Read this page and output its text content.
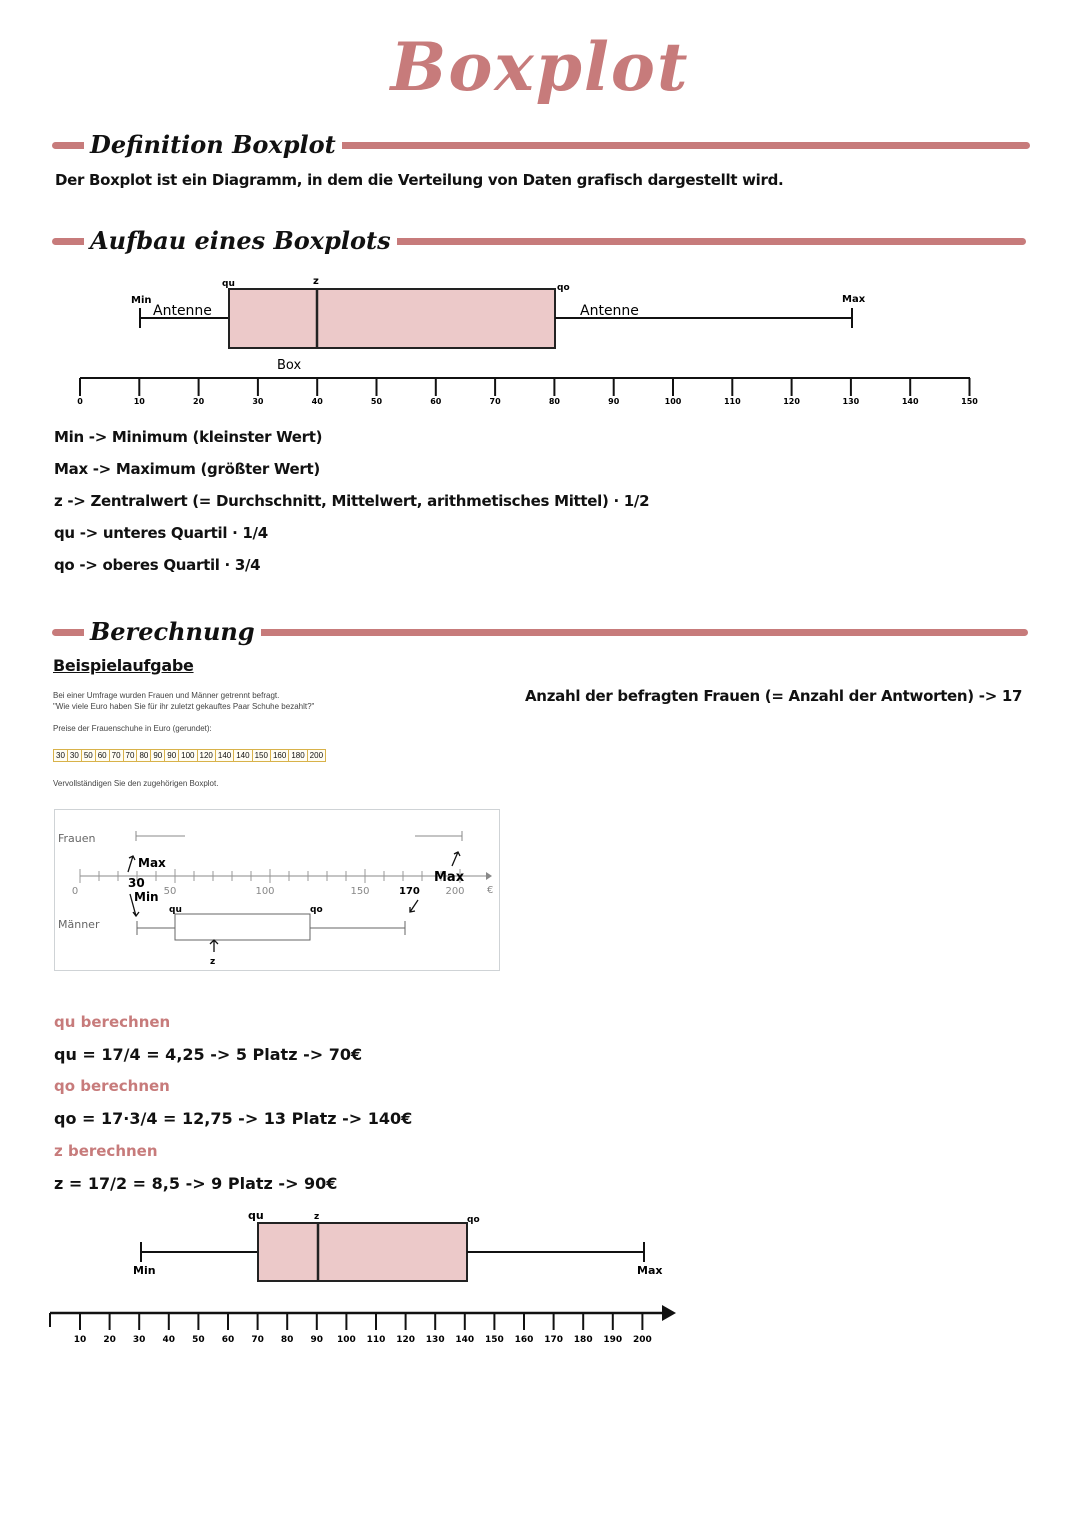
Boxplot
Definition Boxplot
Der Boxplot ist ein Diagramm, in dem die Verteilung von Daten grafisch dargestellt wird.
Aufbau eines Boxplots
Min
Antenne
qu	z
qo
Antenne
Max
Box
0	10	20	30	40	50	60	70	80	90	100	110	120	130	140	150
Min -> Minimum (kleinster Wert)
Max -> Maximum (größter Wert)
z -> Zentralwert (= Durchschnitt, Mittelwert, arithmetisches Mittel) · 1/2
qu -> unteres Quartil · 1/4
qo -> oberes Quartil · 3/4
Berechnung
Beispielaufgabe
Bei einer Umfrage wurden Frauen und Männer getrennt befragt.
"Wie viele Euro haben Sie für ihr zuletzt gekauftes Paar Schuhe bezahlt?"
Preise der Frauenschuhe in Euro (gerundet):
30 30 50 60 70 70 80 90 90 100 120 140 140 150 160 180 200
Vervollständigen Sie den zugehörigen Boxplot.
Anzahl der befragten Frauen (= Anzahl der Antworten) -> 17
Frauen
Männer
0	50	100	150	200 €
Max
30
Min
qu	qo
z
Max
170
qu berechnen
qu = 17/4 = 4,25 -> 5 Platz -> 70€
qo berechnen
qo = 17·3/4 = 12,75 -> 13 Platz -> 140€
z berechnen
z = 17/2 = 8,5 -> 9 Platz -> 90€
qu	z	qo
Min	Max
10 20 30 40 50 60 70 80 90 100 110 120 130 140 150 160 170 180 190 200
